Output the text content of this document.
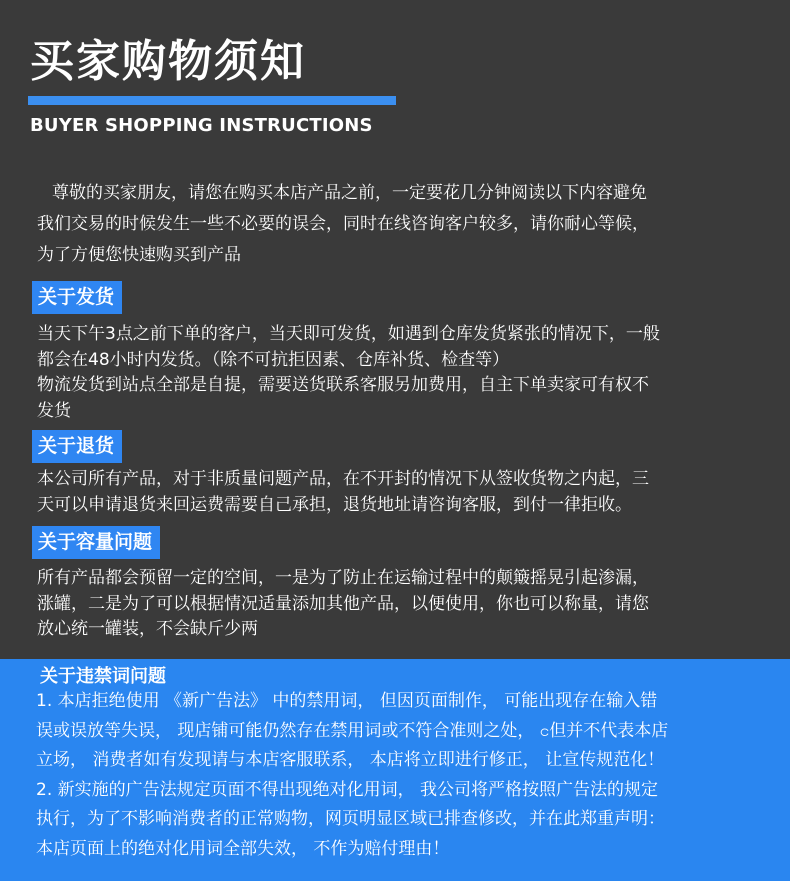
买家购物须知
BUYER SHOPPING INSTRUCTIONS

尊敬的买家朋友，请您在购买本店产品之前，一定要花几分钟阅读以下内容避免

我们交易的时候发生一些不必要的误会，同时在线咨询客户较多，请你耐心等候，

为了方便您快速购买到产品

关于发货

当天下午3点之前下单的客户，当天即可发货，如遇到仓库发货紧张的情况下，一般

都会在48小时内发货。（除不可抗拒因素、仓库补货、检查等）

物流发货到站点全部是自提，需要送货联系客服另加费用，自主下单卖家可有权不

发货

关于退货

本公司所有产品，对于非质量问题产品，在不开封的情况下从签收货物之内起，三

天可以申请退货来回运费需要自己承担，退货地址请咨询客服，到付一律拒收。

关于容量问题

所有产品都会预留一定的空间，一是为了防止在运输过程中的颠簸摇晃引起渗漏，

涨罐，二是为了可以根据情况适量添加其他产品，以便使用，你也可以称量，请您

放心统一罐装，不会缺斤少两

关于违禁词问题

1. 本店拒绝使用 《新广告法》 中的禁用词， 但因页面制作， 可能出现存在输入错

误或误放等失误， 现店铺可能仍然存在禁用词或不符合准则之处， င但并不代表本店

立场， 消费者如有发现请与本店客服联系， 本店将立即进行修正， 让宣传规范化！

2. 新实施的广告法规定页面不得出现绝对化用词， 我公司将严格按照广告法的规定

执行，为了不影响消费者的正常购物，网页明显区域已排查修改，并在此郑重声明：

本店页面上的绝对化用词全部失效， 不作为赔付理由！
